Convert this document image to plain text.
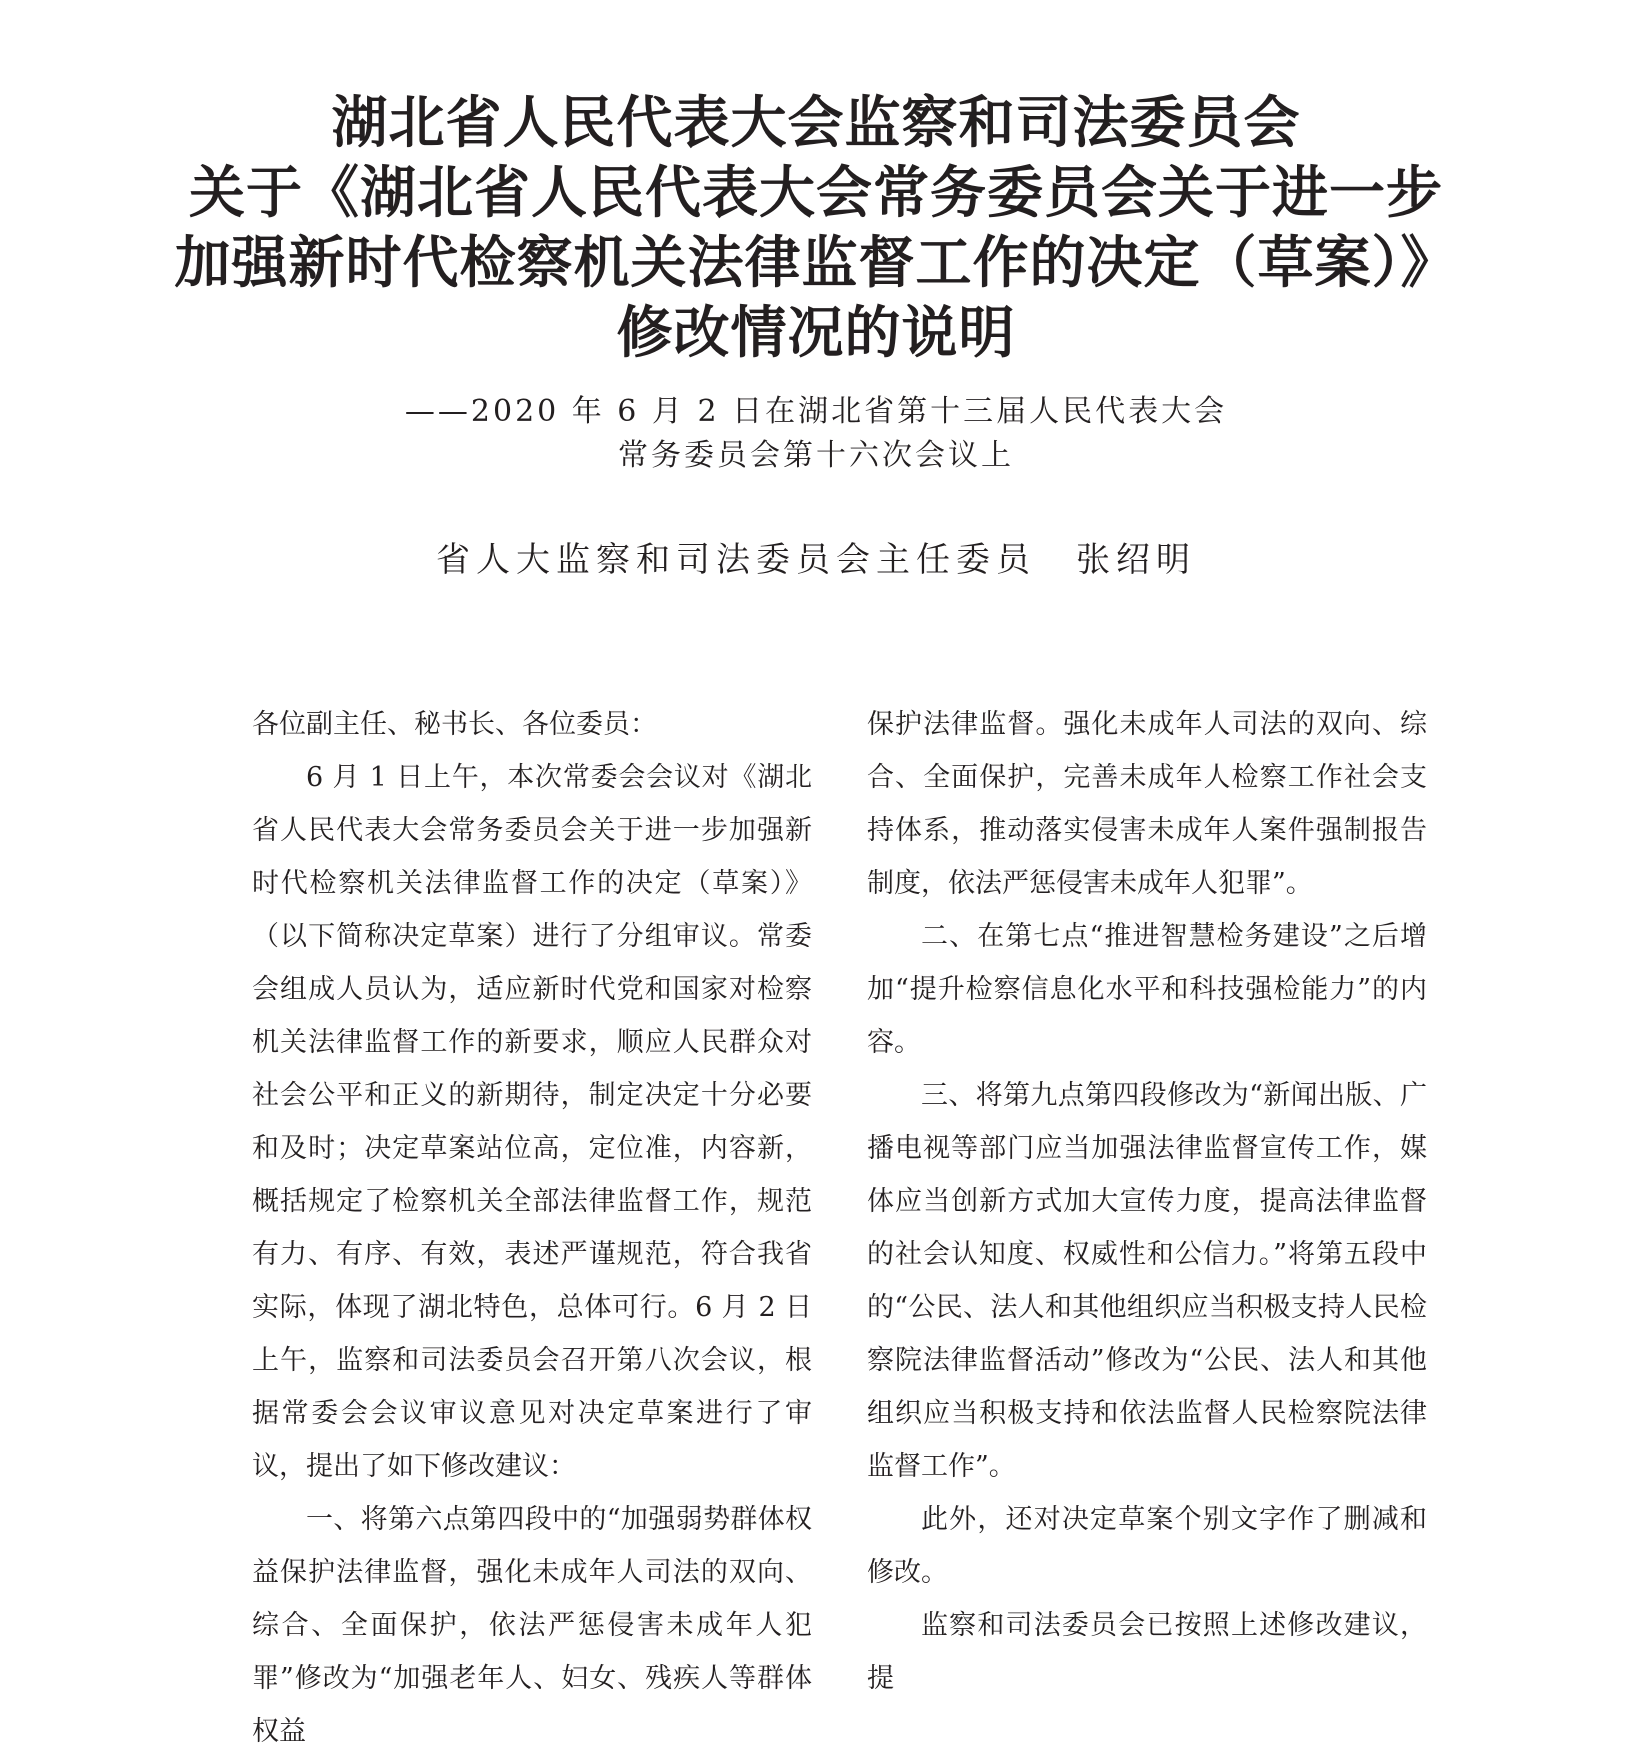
湖北省人民代表大会监察和司法委员会
关于《湖北省人民代表大会常务委员会关于进一步
加强新时代检察机关法律监督工作的决定（草案）》
修改情况的说明
——2020 年 6 月 2 日在湖北省第十三届人民代表大会
常务委员会第十六次会议上
省人大监察和司法委员会主任委员 张绍明

各位副主任、秘书长、各位委员：

6 月 1 日上午，本次常委会会议对《湖北省人民代表大会常务委员会关于进一步加强新时代检察机关法律监督工作的决定（草案）》（以下简称决定草案）进行了分组审议。常委会组成人员认为，适应新时代党和国家对检察机关法律监督工作的新要求，顺应人民群众对社会公平和正义的新期待，制定决定十分必要和及时；决定草案站位高，定位准，内容新，概括规定了检察机关全部法律监督工作，规范有力、有序、有效，表述严谨规范，符合我省实际，体现了湖北特色，总体可行。6 月 2 日上午，监察和司法委员会召开第八次会议，根据常委会会议审议意见对决定草案进行了审议，提出了如下修改建议：

一、将第六点第四段中的“加强弱势群体权益保护法律监督，强化未成年人司法的双向、综合、全面保护，依法严惩侵害未成年人犯罪”修改为“加强老年人、妇女、残疾人等群体权益

保护法律监督。强化未成年人司法的双向、综合、全面保护，完善未成年人检察工作社会支持体系，推动落实侵害未成年人案件强制报告制度，依法严惩侵害未成年人犯罪”。

二、在第七点“推进智慧检务建设”之后增加“提升检察信息化水平和科技强检能力”的内容。

三、将第九点第四段修改为“新闻出版、广播电视等部门应当加强法律监督宣传工作，媒体应当创新方式加大宣传力度，提高法律监督的社会认知度、权威性和公信力。”将第五段中的“公民、法人和其他组织应当积极支持人民检察院法律监督活动”修改为“公民、法人和其他组织应当积极支持和依法监督人民检察院法律监督工作”。

此外，还对决定草案个别文字作了删减和修改。

监察和司法委员会已按照上述修改建议，提
